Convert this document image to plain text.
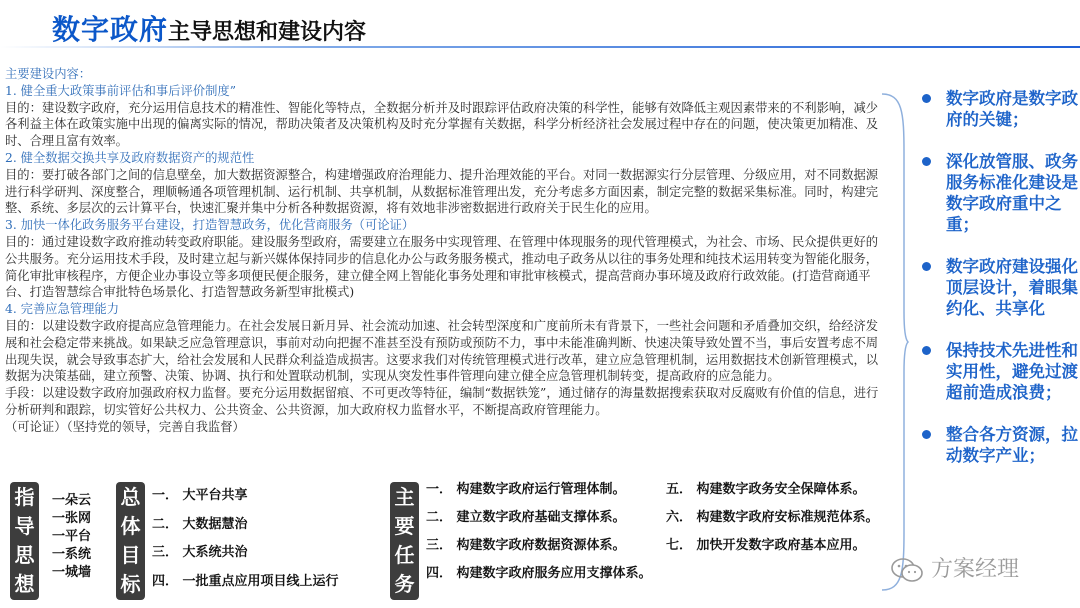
数字政府主导思想和建设内容

主要建设内容：

1. 健全重大政策事前评估和事后评价制度”

目的：建设数字政府，充分运用信息技术的精准性、智能化等特点，全数据分析并及时跟踪评估政府决策的科学性，能够有效降低主观因素带来的不利影响，减少各利益主体在政策实施中出现的偏离实际的情况，帮助决策者及决策机构及时充分掌握有关数据，科学分析经济社会发展过程中存在的问题，使决策更加精准、及时、合理且富有效率。

2. 健全数据交换共享及政府数据资产的规范性

目的：要打破各部门之间的信息壁垒，加大数据资源整合，构建增强政府治理能力、提升治理效能的平台。对同一数据源实行分层管理、分级应用，对不同数据源进行科学研判、深度整合，理顺畅通各项管理机制、运行机制、共享机制，从数据标准管理出发，充分考虑多方面因素，制定完整的数据采集标准。同时，构建完整、系统、多层次的云计算平台，快速汇聚并集中分析各种数据资源，将有效地非涉密数据进行政府关于民生化的应用。

3. 加快一体化政务服务平台建设，打造智慧政务，优化营商服务（可论证）

目的：通过建设数字政府推动转变政府职能。建设服务型政府，需要建立在服务中实现管理、在管理中体现服务的现代管理模式，为社会、市场、民众提供更好的公共服务。充分运用技术手段，及时建立起与新兴媒体保持同步的信息化办公与政务服务模式，推动电子政务从以往的事务处理和纯技术运用转变为智能化服务，简化审批审核程序，方便企业办事设立等多项便民便企服务，建立健全网上智能化事务处理和审批审核模式，提高营商办事环境及政府行政效能。(打造营商通平台、打造智慧综合审批特色场景化、打造智慧政务新型审批模式)

4. 完善应急管理能力

目的：以建设数字政府提高应急管理能力。在社会发展日新月异、社会流动加速、社会转型深度和广度前所未有背景下，一些社会问题和矛盾叠加交织，给经济发展和社会稳定带来挑战。如果缺乏应急管理意识，事前对动向把握不准甚至没有预防或预防不力，事中未能准确判断、快速决策导致处置不当，事后安置考虑不周出现失误，就会导致事态扩大，给社会发展和人民群众利益造成损害。这要求我们对传统管理模式进行改革，建立应急管理机制，运用数据技术创新管理模式，以数据为决策基础，建立预警、决策、协调、执行和处置联动机制，实现从突发性事件管理向建立健全应急管理机制转变，提高政府的应急能力。

手段：以建设数字政府加强政府权力监督。要充分运用数据留痕、不可更改等特征，编制“数据铁笼”，通过储存的海量数据搜索获取对反腐败有价值的信息，进行分析研判和跟踪，切实管好公共权力、公共资金、公共资源，加大政府权力监督水平，不断提高政府管理能力。

（可论证）（坚持党的领导，完善自我监督）

数字政府是数字政府的关键；
深化放管服、政务服务标准化建设是数字政府重中之重；
数字政府建设强化顶层设计，着眼集约化、共享化
保持技术先进性和实用性，避免过渡超前造成浪费；
整合各方资源，拉动数字产业；
指
导
思
想
一朵云
一张网
一平台
一系统
一城墙
总
体
目
标
一． 大平台共享
二． 大数据慧治
三． 大系统共治
四． 一批重点应用项目线上运行
主
要
任
务
一． 构建数字政府运行管理体制。	五． 构建数字政务安全保障体系。
二． 建立数字政府基础支撑体系。	六． 构建数字政府安标准规范体系。
三． 构建数字政府数据资源体系。	七． 加快开发数字政府基本应用。
四． 构建数字政府服务应用支撑体系。	方案经理
